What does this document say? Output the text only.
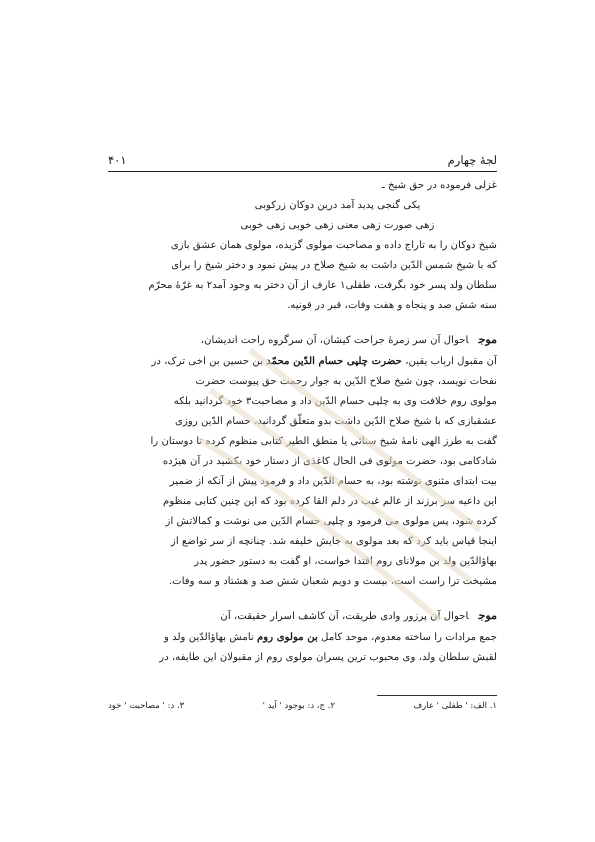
لجۀ چهارم
۴۰۱
غزلی فرموده در حق شیخ ـ
یکی گنجی پدید آمد درین دوکان زرکوبی
زهی صورت زهی معنی زهی خوبی زهی خوبی
شیخ دوکان را به تاراج داده و مصاحبت مولوی گزیده، مولوی همان عشق بازی
که با شیخ شمس الدّین داشت به شیخ صلاح در پیش نمود و دختر شیخ را برای
سلطان ولد پسر خود بگرفت، طفلی۱ عارف از آن دختر به وجود آمد۲ به غرّۀ محرّم
سنه شش صد و پنجاه و هفت وفات، قبر در قونیه.
موجاحوال آن سر زمرۀ جراحت کیشان، آن سرگروه راحت اندیشان،
آن مقبول ارباب یقین، حضرت چلپی حسام الدّین محمّد بن حسین بن اخی ترک، در
نفحات نویسد، چون شیخ صلاح الدّین به جوار رحمت حق پیوست حضرت
مولوی روم خلافت وی به چلپی حسام الدّین داد و مصاحبت۳ خود گردانید بلکه
عشقبازی که با شیخ صلاح الدّین داشت بدو متعلّق گردانید، حسام الدّین روزی
گفت به طرز الهی نامۀ شیخ سنائی یا منطق الطیر کتابی منظوم کرده تا دوستان را
شادکامی بود، حضرت مولوی فی الحال کاغذی از دستار خود بکشید در آن هیژده
بیت ابتدای مثنوی نوشته بود، به حسام الدّین داد و فرمود پیش از آنکه از ضمیر
این داعیه سر برزند از عالم غیب در دلم القا کرده بود که این چنین کتابی منظوم
کرده شود، پس مولوی می فرمود و چلپی حسام الدّین می نوشت و کمالاتش از
اینجا قیاس باید کرد که بعد مولوی به جایش خلیفه شد. چنانچه از سر تواضع از
بهاؤالدّین ولد بن مولانای روم اقتدا خواست، او گفت به دستور حضور پدر
مشیخت ترا راست است، بیست و دویم شعبان شش صد و هشتاد و سه وفات.
موجاحوال آن پرزور وادی طریقت، آن کاشف اسرار حقیقت، آن
جمع مرادات را ساخته معدوم، موحد کامل بن مولوی روم نامش بهاؤالدّین ولد و
لقبش سلطان ولد، وی محبوب ترین پسران مولوی روم از مقبولان این طایفه، در
۱. الف: ' طفلی ' عارف
۲. ج، د: بوجود ' آید '
۳. د: ' مصاحبت ' خود
